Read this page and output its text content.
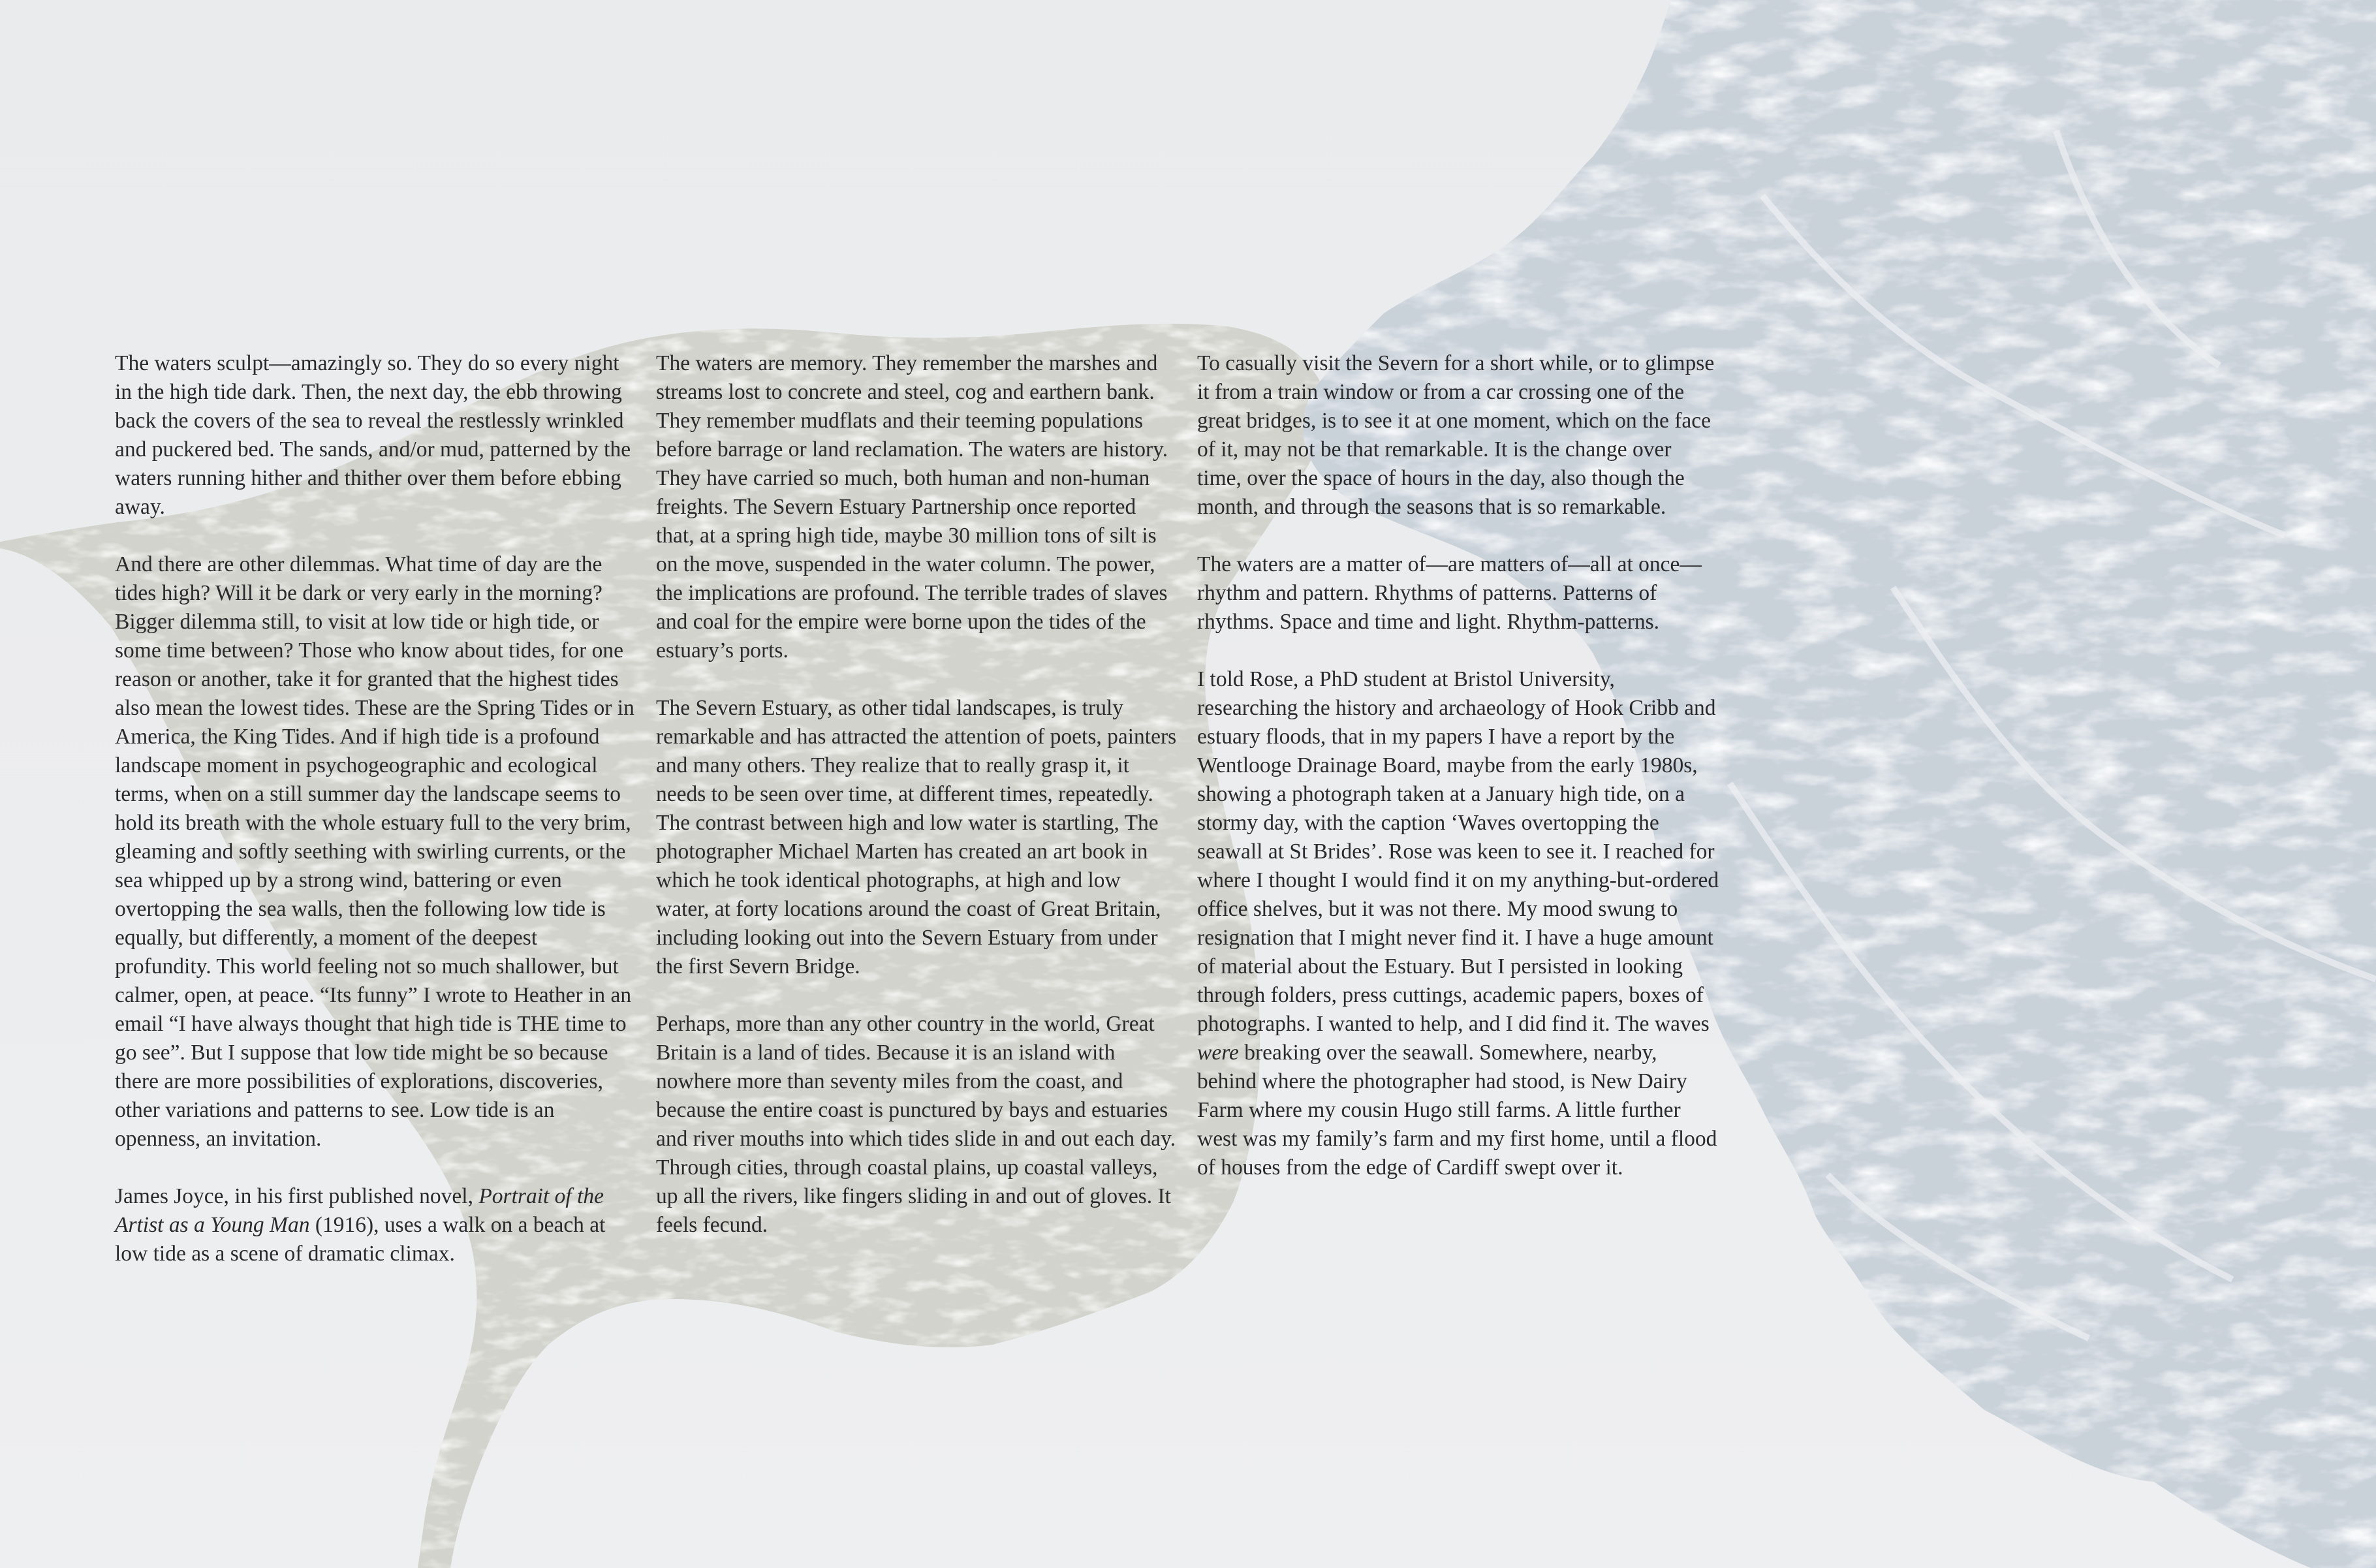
The waters sculpt—amazingly so. They do so every night in the high tide dark. Then, the next day, the ebb throwing back the covers of the sea to reveal the restlessly wrinkled and puckered bed. The sands, and/or mud, patterned by the waters running hither and thither over them before ebbing away.

And there are other dilemmas. What time of day are the tides high? Will it be dark or very early in the morning? Bigger dilemma still, to visit at low tide or high tide, or some time between? Those who know about tides, for one reason or another, take it for granted that the highest tides also mean the lowest tides. These are the Spring Tides or in America, the King Tides. And if high tide is a profound landscape moment in psychogeographic and ecological terms, when on a still summer day the landscape seems to hold its breath with the whole estuary full to the very brim, gleaming and softly seething with swirling currents, or the sea whipped up by a strong wind, battering or even overtopping the sea walls, then the following low tide is equally, but differently, a moment of the deepest profundity. This world feeling not so much shallower, but calmer, open, at peace. “Its funny” I wrote to Heather in an email “I have always thought that high tide is THE time to go see”. But I suppose that low tide might be so because there are more possibilities of explorations, discoveries, other variations and patterns to see. Low tide is an openness, an invitation.

James Joyce, in his first published novel, Portrait of the Artist as a Young Man (1916), uses a walk on a beach at low tide as a scene of dramatic climax.

The waters are memory. They remember the marshes and streams lost to concrete and steel, cog and earthern bank. They remember mudflats and their teeming populations before barrage or land reclamation. The waters are history. They have carried so much, both human and non-human freights. The Severn Estuary Partnership once reported that, at a spring high tide, maybe 30 million tons of silt is on the move, suspended in the water column. The power, the implications are profound. The terrible trades of slaves and coal for the empire were borne upon the tides of the estuary’s ports.

The Severn Estuary, as other tidal landscapes, is truly remarkable and has attracted the attention of poets, painters and many others. They realize that to really grasp it, it needs to be seen over time, at different times, repeatedly. The contrast between high and low water is startling, The photographer Michael Marten has created an art book in which he took identical photographs, at high and low water, at forty locations around the coast of Great Britain, including looking out into the Severn Estuary from under the first Severn Bridge.

Perhaps, more than any other country in the world, Great Britain is a land of tides. Because it is an island with nowhere more than seventy miles from the coast, and because the entire coast is punctured by bays and estuaries and river mouths into which tides slide in and out each day. Through cities, through coastal plains, up coastal valleys, up all the rivers, like fingers sliding in and out of gloves. It feels fecund.

To casually visit the Severn for a short while, or to glimpse it from a train window or from a car crossing one of the great bridges, is to see it at one moment, which on the face of it, may not be that remarkable. It is the change over time, over the space of hours in the day, also though the month, and through the seasons that is so remarkable.

The waters are a matter of—are matters of—all at once—rhythm and pattern. Rhythms of patterns. Patterns of rhythms. Space and time and light. Rhythm-patterns.

I told Rose, a PhD student at Bristol University, researching the history and archaeology of Hook Cribb and estuary floods, that in my papers I have a report by the Wentlooge Drainage Board, maybe from the early 1980s, showing a photograph taken at a January high tide, on a stormy day, with the caption ‘Waves overtopping the seawall at St Brides’. Rose was keen to see it. I reached for where I thought I would find it on my anything-but-ordered office shelves, but it was not there. My mood swung to resignation that I might never find it. I have a huge amount of material about the Estuary. But I persisted in looking through folders, press cuttings, academic papers, boxes of photographs. I wanted to help, and I did find it. The waves were breaking over the seawall. Somewhere, nearby, behind where the photographer had stood, is New Dairy Farm where my cousin Hugo still farms. A little further west was my family’s farm and my first home, until a flood of houses from the edge of Cardiff swept over it.
